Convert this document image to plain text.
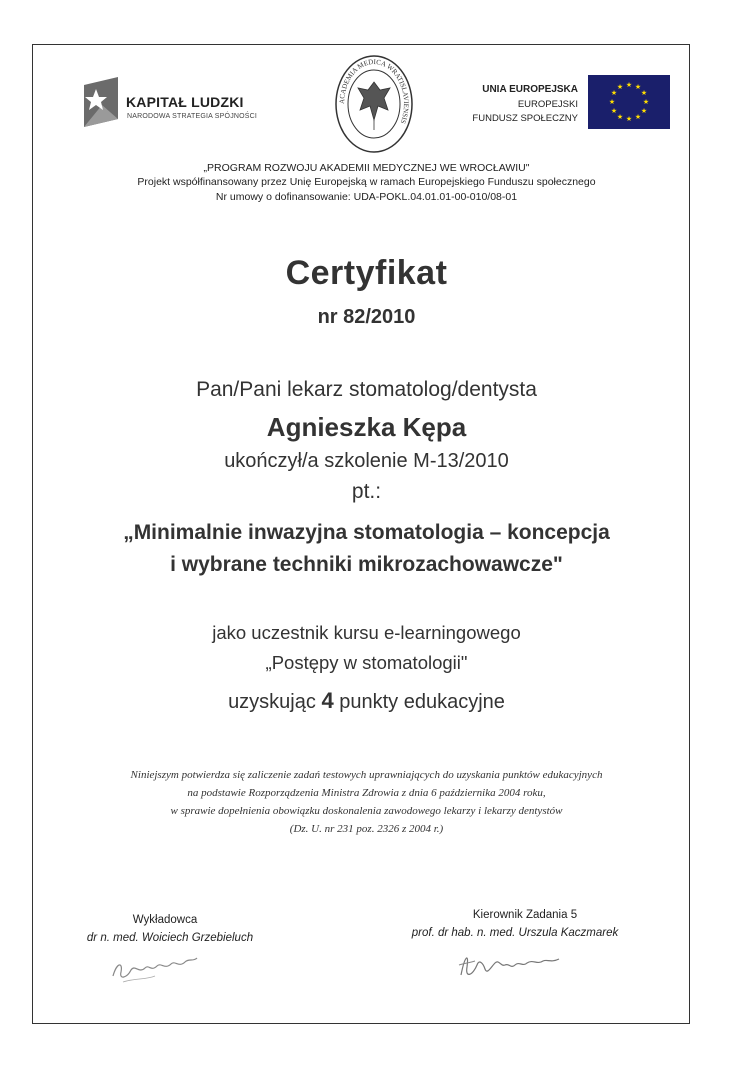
KAPITAŁ LUDZKI
NARODOWA STRATEGIA SPÓJNOŚCI
ACADEMIA MEDICA WRATISLAVIENSIS
UNIA EUROPEJSKA
EUROPEJSKI
FUNDUSZ SPOŁECZNY
★ ★
★
★
★
★
★
★
★
★
★
★
„PROGRAM ROZWOJU AKADEMII MEDYCZNEJ WE WROCŁAWIU"
Projekt współfinansowany przez Unię Europejską w ramach Europejskiego Funduszu społecznego
Nr umowy o dofinansowanie: UDA-POKL.04.01.01-00-010/08-01
Certyfikat
nr 82/2010
Pan/Pani lekarz stomatolog/dentysta
Agnieszka Kępa
ukończył/a szkolenie M-13/2010
pt.:
„Minimalnie inwazyjna stomatologia – koncepcja
i wybrane techniki mikrozachowawcze"
jako uczestnik kursu e-learningowego
„Postępy w stomatologii"
uzyskując 4 punkty edukacyjne
Niniejszym potwierdza się zaliczenie zadań testowych uprawniających do uzyskania punktów edukacyjnych
na podstawie Rozporządzenia Ministra Zdrowia z dnia 6 października 2004 roku,
w sprawie dopełnienia obowiązku doskonalenia zawodowego lekarzy i lekarzy dentystów
(Dz. U. nr 231 poz. 2326 z 2004 r.)
Wykładowca
dr n. med. Woiciech Grzebieluch
Kierownik Zadania 5
prof. dr hab. n. med. Urszula Kaczmarek
